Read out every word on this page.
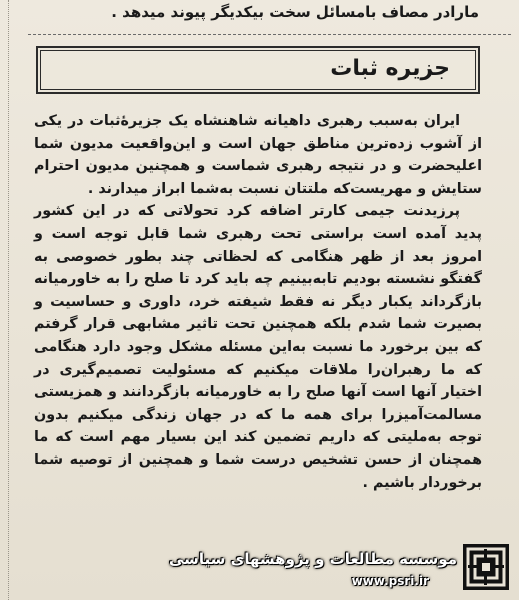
مارادر مصاف بامسائل سخت بیکدیگر پیوند میدهد .
جزیره ثبات

ایران به‌سبب رهبری داهیانه شاهنشاه یک جزیرهٔ‌ثبات در یکی از آشوب زده‌ترین مناطق جهان است و این‌واقعیت مدیون شما اعلیحضرت و در نتیجه رهبری شماست و همچنین مدیون احترام ستایش و مهریست‌که ملتتان نسبت به‌شما ابراز میدارند .

پرزیدنت جیمی کارتر اضافه کرد تحولاتی که در این کشور پدید آمده است براستی تحت رهبری شما قابل توجه است و امروز بعد از ظهر هنگامی که لحظاتی چند بطور خصوصی به گفتگو نشسته بودیم تابه‌بینیم چه باید کرد تا صلح را به خاورمیانه بازگرداند یکبار دیگر نه فقط شیفته خرد، داوری و حساسیت و بصیرت شما شدم بلکه همچنین تحت تاثیر مشابهی قرار گرفتم که بین برخورد ما نسبت به‌این مسئله مشکل وجود دارد هنگامی که ما رهبران‌را ملاقات میکنیم که مسئولیت تصمیم‌گیری در اختیار آنها است آنها صلح را به خاورمیانه بازگردانند و همزیستی مسالمت‌آمیزرا برای همه ما که در جهان زندگی میکنیم بدون توجه به‌ملیتی که داریم تضمین کند این بسیار مهم است که ما همچنان از حسن تشخیص درست شما و همچنین از توصیه شما برخوردار باشیم .

موسسه مطالعات و پژوهشهای سیاسی
www.psri.ir
